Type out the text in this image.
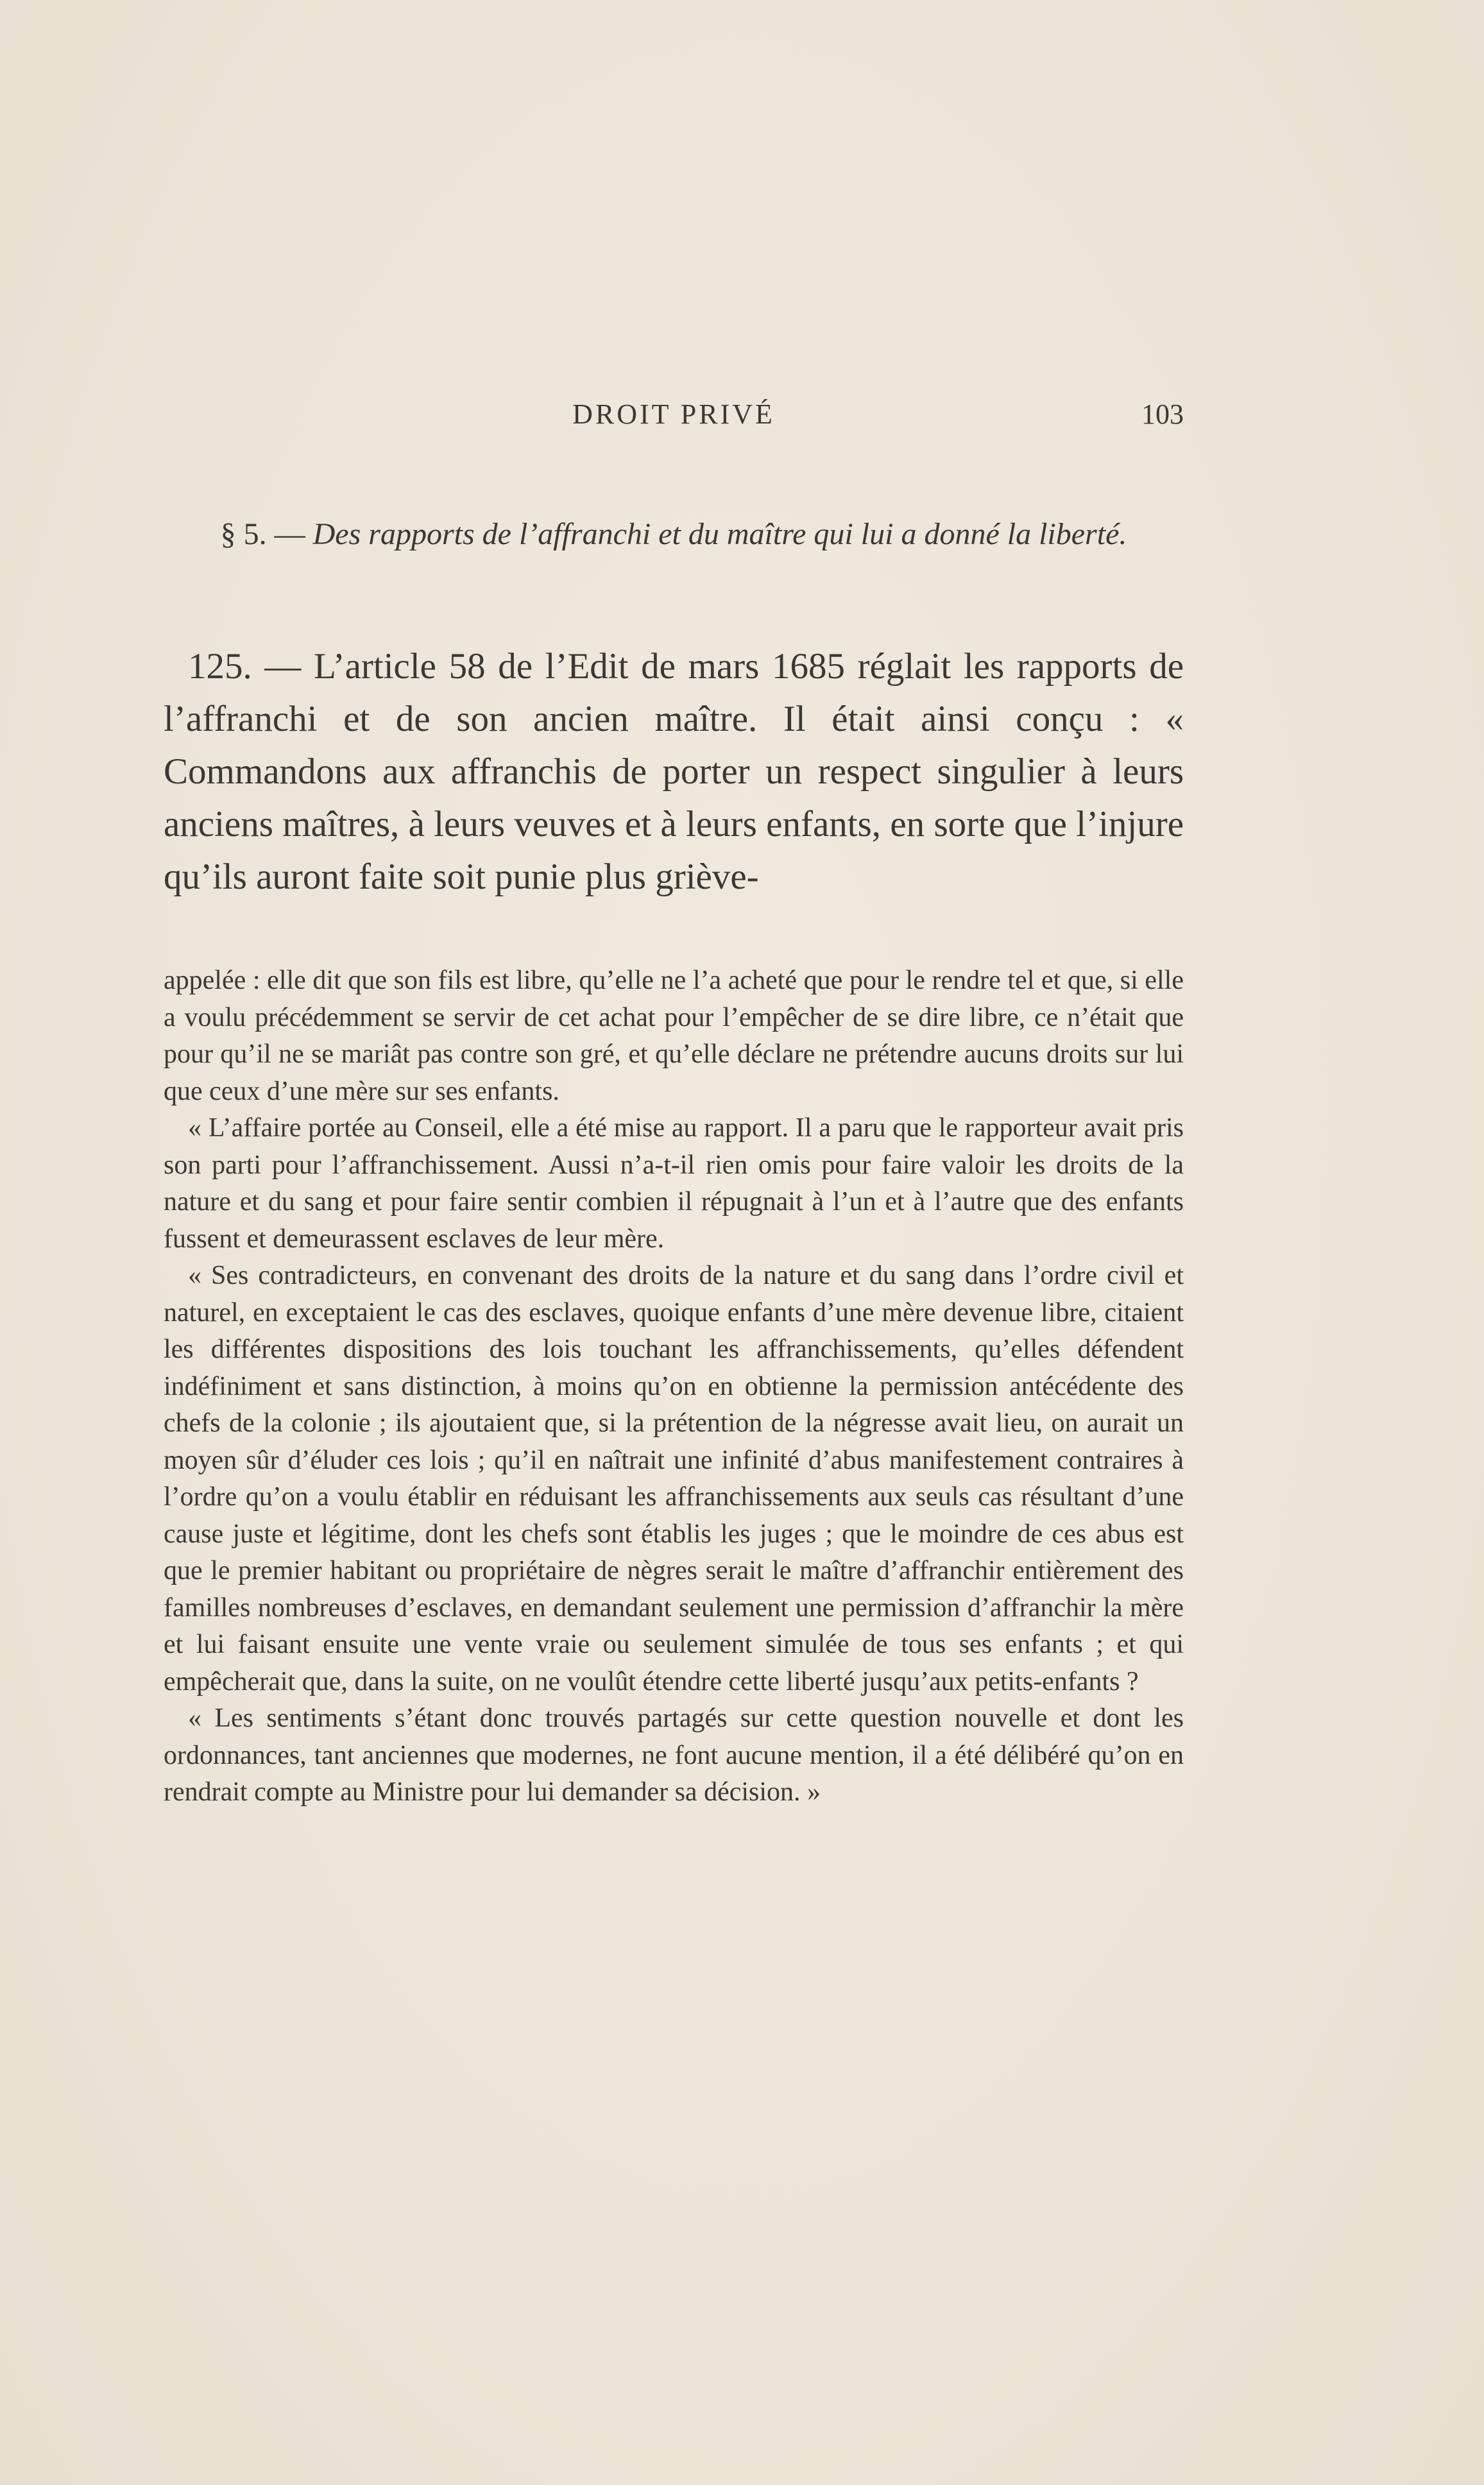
DROIT PRIVÉ	103
§ 5. — Des rapports de l’affranchi et du maître qui lui a donné la liberté.

125. — L’article 58 de l’Edit de mars 1685 réglait les rapports de l’affranchi et de son ancien maître. Il était ainsi conçu : « Commandons aux affranchis de porter un respect singulier à leurs anciens maîtres, à leurs veuves et à leurs enfants, en sorte que l’injure qu’ils auront faite soit punie plus grièvе-

appelée : elle dit que son fils est libre, qu’elle ne l’a acheté que pour le rendre tel et que, si elle a voulu précédemment se servir de cet achat pour l’empêcher de se dire libre, ce n’était que pour qu’il ne se mariât pas contre son gré, et qu’elle déclare ne prétendre aucuns droits sur lui que ceux d’une mère sur ses enfants.

« L’affaire portée au Conseil, elle a été mise au rapport. Il a paru que le rapporteur avait pris son parti pour l’affranchissement. Aussi n’a-t-il rien omis pour faire valoir les droits de la nature et du sang et pour faire sentir combien il répugnait à l’un et à l’autre que des enfants fussent et demeurassent esclaves de leur mère.

« Ses contradicteurs, en convenant des droits de la nature et du sang dans l’ordre civil et naturel, en exceptaient le cas des esclaves, quoique enfants d’une mère devenue libre, citaient les différentes dispositions des lois touchant les affranchissements, qu’elles défendent indéfiniment et sans distinction, à moins qu’on en obtienne la permission antécédente des chefs de la colonie ; ils ajoutaient que, si la prétention de la négresse avait lieu, on aurait un moyen sûr d’éluder ces lois ; qu’il en naîtrait une infinité d’abus manifestement contraires à l’ordre qu’on a voulu établir en réduisant les affranchissements aux seuls cas résultant d’une cause juste et légitime, dont les chefs sont établis les juges ; que le moindre de ces abus est que le premier habitant ou propriétaire de nègres serait le maître d’affranchir entièrement des familles nombreuses d’esclaves, en demandant seulement une permission d’affranchir la mère et lui faisant ensuite une vente vraie ou seulement simulée de tous ses enfants ; et qui empêcherait que, dans la suite, on ne voulût étendre cette liberté jusqu’aux petits-enfants ?

« Les sentiments s’étant donc trouvés partagés sur cette question nouvelle et dont les ordonnances, tant anciennes que modernes, ne font aucune mention, il a été délibéré qu’on en rendrait compte au Ministre pour lui demander sa décision. »
